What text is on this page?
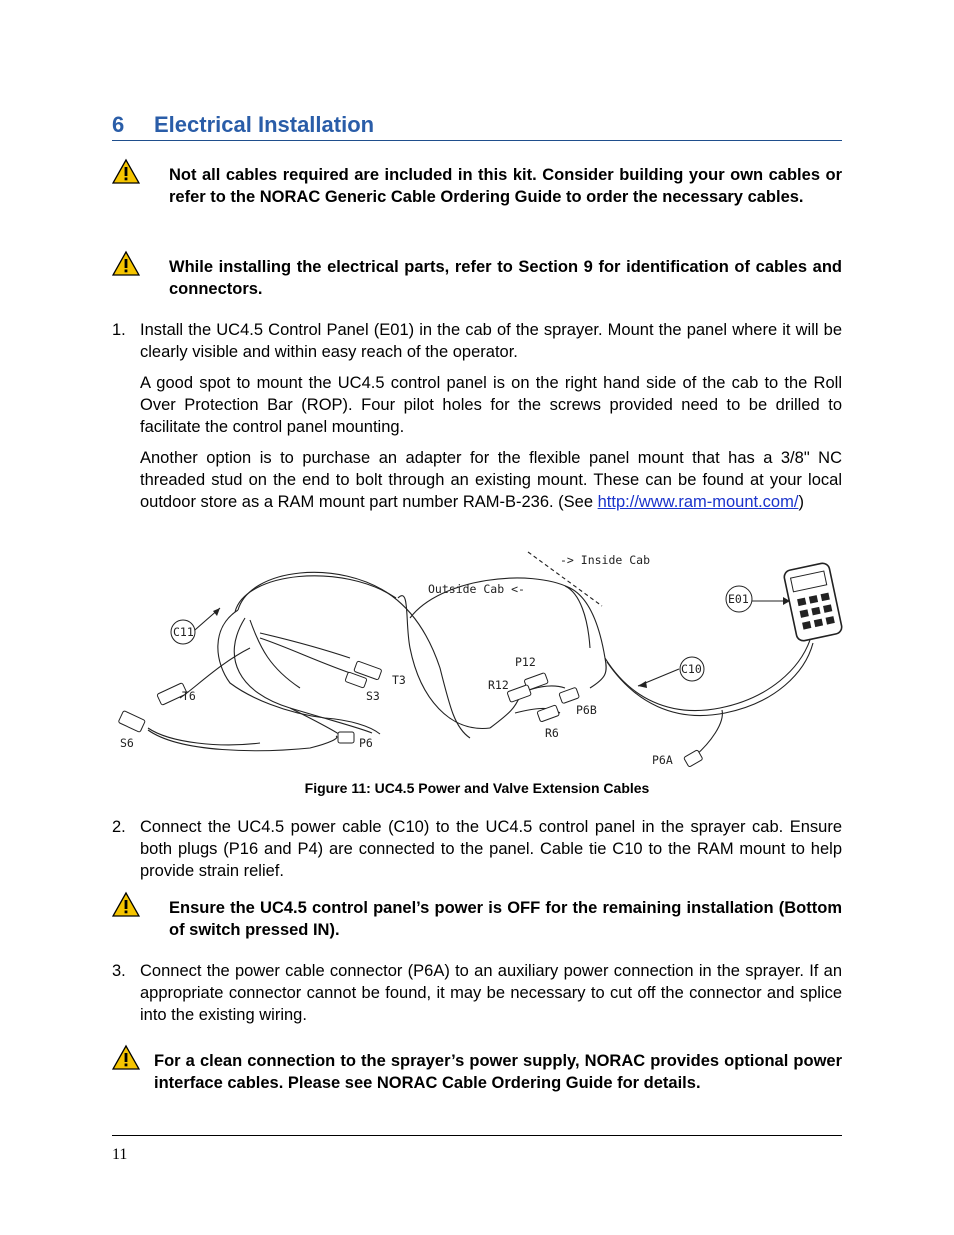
6 Electrical Installation
Not all cables required are included in this kit. Consider building your own cables or refer to the NORAC Generic Cable Ordering Guide to order the necessary cables.
While installing the electrical parts, refer to Section 9 for identification of cables and connectors.
1. Install the UC4.5 Control Panel (E01) in the cab of the sprayer. Mount the panel where it will be clearly visible and within easy reach of the operator.

A good spot to mount the UC4.5 control panel is on the right hand side of the cab to the Roll Over Protection Bar (ROP). Four pilot holes for the screws provided need to be drilled to facilitate the control panel mounting.

Another option is to purchase an adapter for the flexible panel mount that has a 3/8" NC threaded stud on the end to bolt through an existing mount. These can be found at your local outdoor store as a RAM mount part number RAM-B-236. (See http://www.ram-mount.com/)

-> Inside Cab
Outside Cab <-
C11
C10
E01
T3
S3
T6
S6	P6
P12
R12
P6B
R6
P6A
Figure 11: UC4.5 Power and Valve Extension Cables
2. Connect the UC4.5 power cable (C10) to the UC4.5 control panel in the sprayer cab. Ensure both plugs (P16 and P4) are connected to the panel. Cable tie C10 to the RAM mount to help provide strain relief.

Ensure the UC4.5 control panel’s power is OFF for the remaining installation (Bottom of switch pressed IN).
3. Connect the power cable connector (P6A) to an auxiliary power connection in the sprayer. If an appropriate connector cannot be found, it may be necessary to cut off the connector and splice into the existing wiring.

For a clean connection to the sprayer’s power supply, NORAC provides optional power interface cables. Please see NORAC Cable Ordering Guide for details.
11
